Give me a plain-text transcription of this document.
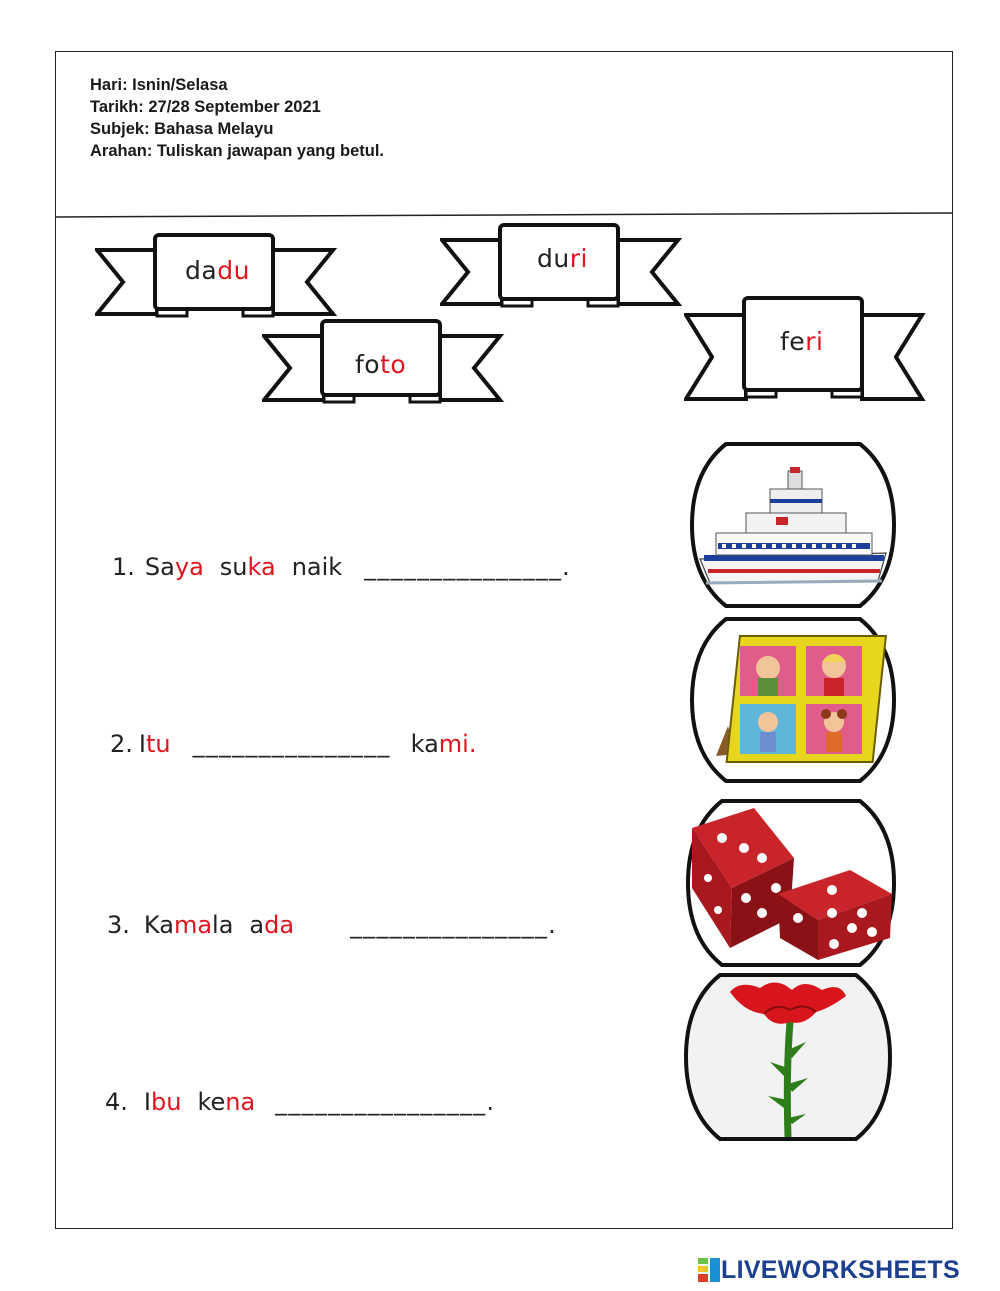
Hari: Isnin/Selasa
Tarikh: 27/28 September 2021
Subjek: Bahasa Melayu
Arahan: Tuliskan jawapan yang betul.
dadu	duri
foto
feri
1. Saya suka naik _______________.
2. Itu _______________ kami.
3. Kamala ada _______________.
4. Ibu kena ________________.
LIVEWORKSHEETS
